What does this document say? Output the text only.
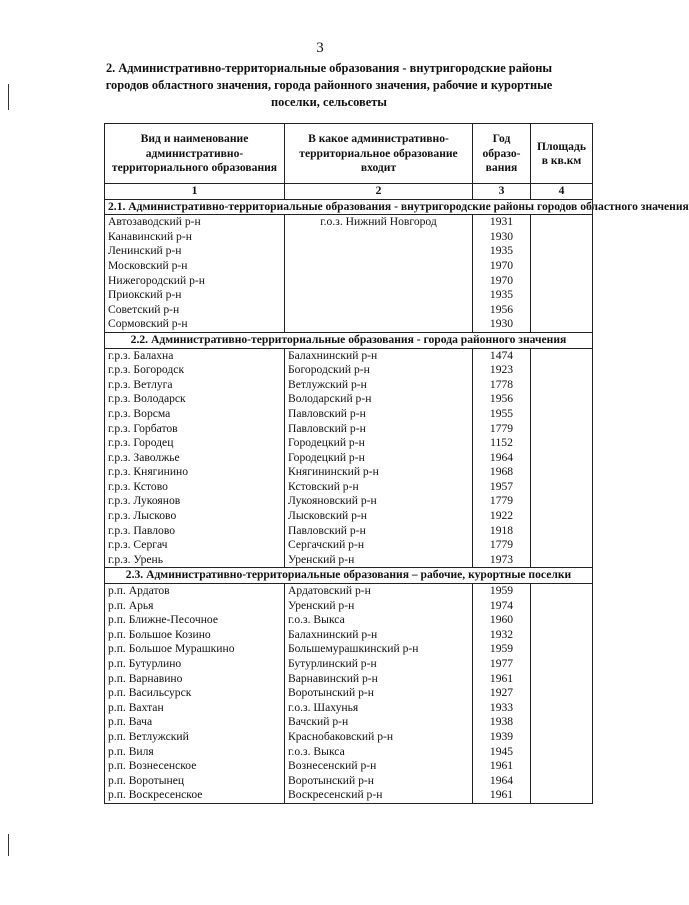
3
2. Административно-территориальные образования - внутригородские районы городов областного значения, города районного значения, рабочие и курортные поселки, сельсоветы
Вид и наименование административно-территориального образования	В какое административно-территориальное образование входит	Год образо-вания	Площадь в кв.км
1	2	3	4
2.1. Административно-территориальные образования - внутригородские районы городов областного значения			
Автозаводский р-н	г.о.з. Нижний Новгород	1931	
Канавинский р-н		1930	
Ленинский р-н		1935	
Московский р-н		1970	
Нижегородский р-н		1970	
Приокский р-н		1935	
Советский р-н		1956	
Сормовский р-н		1930	
2.2. Административно-территориальные образования - города районного значения			
г.р.з. Балахна	Балахнинский р-н	1474	
г.р.з. Богородск	Богородский р-н	1923	
г.р.з. Ветлуга	Ветлужский р-н	1778	
г.р.з. Володарск	Володарский р-н	1956	
г.р.з. Ворсма	Павловский р-н	1955	
г.р.з. Горбатов	Павловский р-н	1779	
г.р.з. Городец	Городецкий р-н	1152	
г.р.з. Заволжье	Городецкий р-н	1964	
г.р.з. Княгинино	Княгининский р-н	1968	
г.р.з. Кстово	Кстовский р-н	1957	
г.р.з. Лукоянов	Лукояновский р-н	1779	
г.р.з. Лысково	Лысковский р-н	1922	
г.р.з. Павлово	Павловский р-н	1918	
г.р.з. Сергач	Сергачский р-н	1779	
г.р.з. Урень	Уренский р-н	1973	
2.3. Административно-территориальные образования – рабочие, курортные поселки			
р.п. Ардатов	Ардатовский р-н	1959	
р.п. Арья	Уренский р-н	1974	
р.п. Ближне-Песочное	г.о.з. Выкса	1960	
р.п. Большое Козино	Балахнинский р-н	1932	
р.п. Большое Мурашкино	Большемурашкинский р-н	1959	
р.п. Бутурлино	Бутурлинский р-н	1977	
р.п. Варнавино	Варнавинский р-н	1961	
р.п. Васильсурск	Воротынский р-н	1927	
р.п. Вахтан	г.о.з. Шахунья	1933	
р.п. Вача	Вачский р-н	1938	
р.п. Ветлужский	Краснобаковский р-н	1939	
р.п. Виля	г.о.з. Выкса	1945	
р.п. Вознесенское	Вознесенский р-н	1961	
р.п. Воротынец	Воротынский р-н	1964	
р.п. Воскресенское	Воскресенский р-н	1961	
